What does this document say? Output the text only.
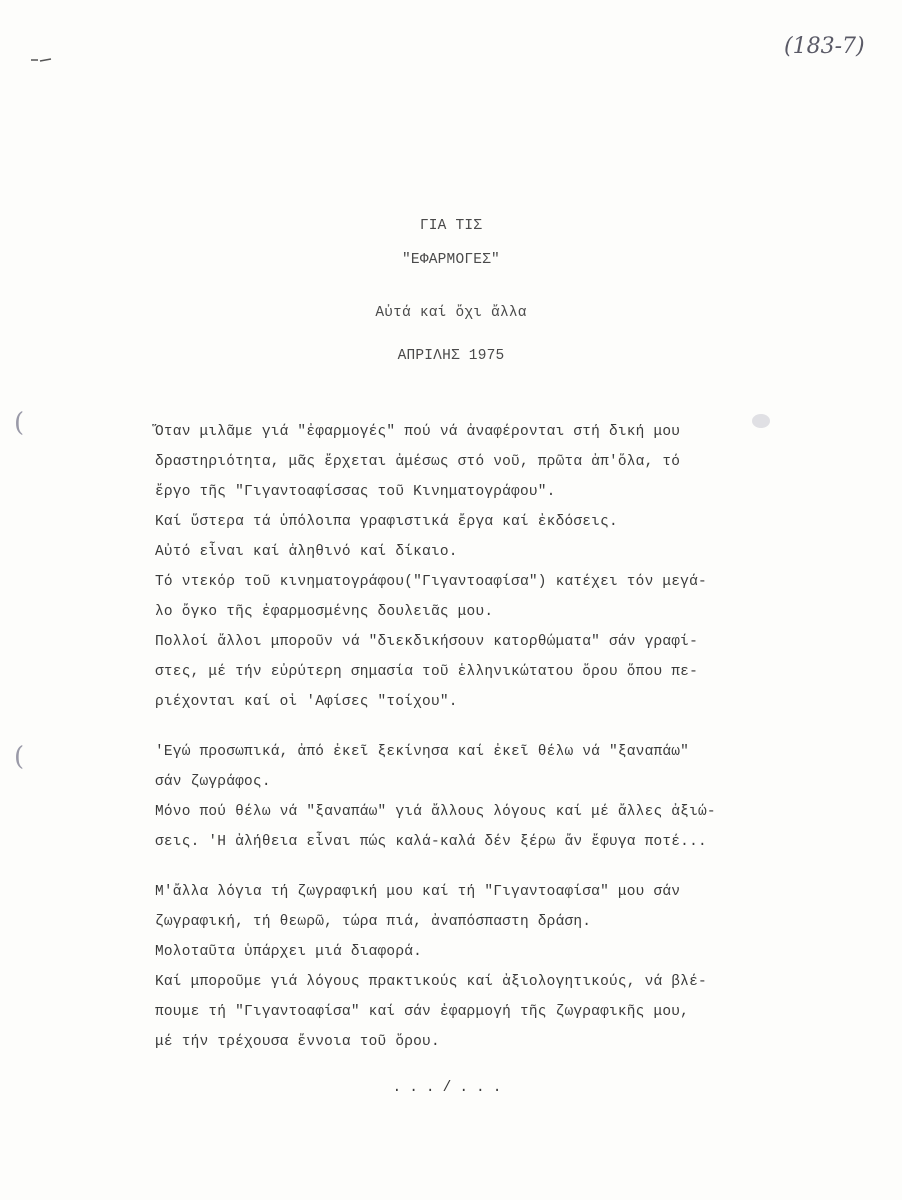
(183-7)
(
(
ΓΙΑ ΤΙΣ
"ΕΦΑΡΜΟΓΕΣ"
Αὐτά καί ὄχι ἄλλα
ΑΠΡΙΛΗΣ 1975
Ὅταν μιλᾶμε γιά "ἐφαρμογές" πού νά ἀναφέρονται στή δική μου
δραστηριότητα, μᾶς ἔρχεται ἀμέσως στό νοῦ, πρῶτα ἀπ'ὅλα, τό
ἔργο τῆς "Γιγαντοαφίσσας τοῦ Κινηματογράφου".
Καί ὕστερα τά ὑπόλοιπα γραφιστικά ἔργα καί ἐκδόσεις.
Αὐτό εἶναι καί ἀληθινό καί δίκαιο.
Τό ντεκόρ τοῦ κινηματογράφου("Γιγαντοαφίσα") κατέχει τόν μεγά-
λο ὄγκο τῆς ἐφαρμοσμένης δουλειᾶς μου.
Πολλοί ἄλλοι μποροῦν νά "διεκδικήσουν κατορθώματα" σάν γραφί-
στες, μέ τήν εὐρύτερη σημασία τοῦ ἑλληνικώτατου ὅρου ὅπου πε-
ριέχονται καί οἱ 'Αφίσες "τοίχου".
'Εγώ προσωπικά, ἀπό ἐκεῖ ξεκίνησα καί ἐκεῖ θέλω νά "ξαναπάω"
σάν ζωγράφος.
Μόνο πού θέλω νά "ξαναπάω" γιά ἄλλους λόγους καί μέ ἄλλες ἀξιώ-
σεις. 'Η ἀλήθεια εἶναι πώς καλά-καλά δέν ξέρω ἄν ἔφυγα ποτέ...
Μ'ἄλλα λόγια τή ζωγραφική μου καί τή "Γιγαντοαφίσα" μου σάν
ζωγραφική, τή θεωρῶ, τώρα πιά, ἀναπόσπαστη δράση.
Μολοταῦτα ὑπάρχει μιά διαφορά.
Καί μποροῦμε γιά λόγους πρακτικούς καί ἀξιολογητικούς, νά βλέ-
πουμε τή "Γιγαντοαφίσα" καί σάν ἐφαρμογή τῆς ζωγραφικῆς μου,
μέ τήν τρέχουσα ἔννοια τοῦ ὅρου.
.../...
